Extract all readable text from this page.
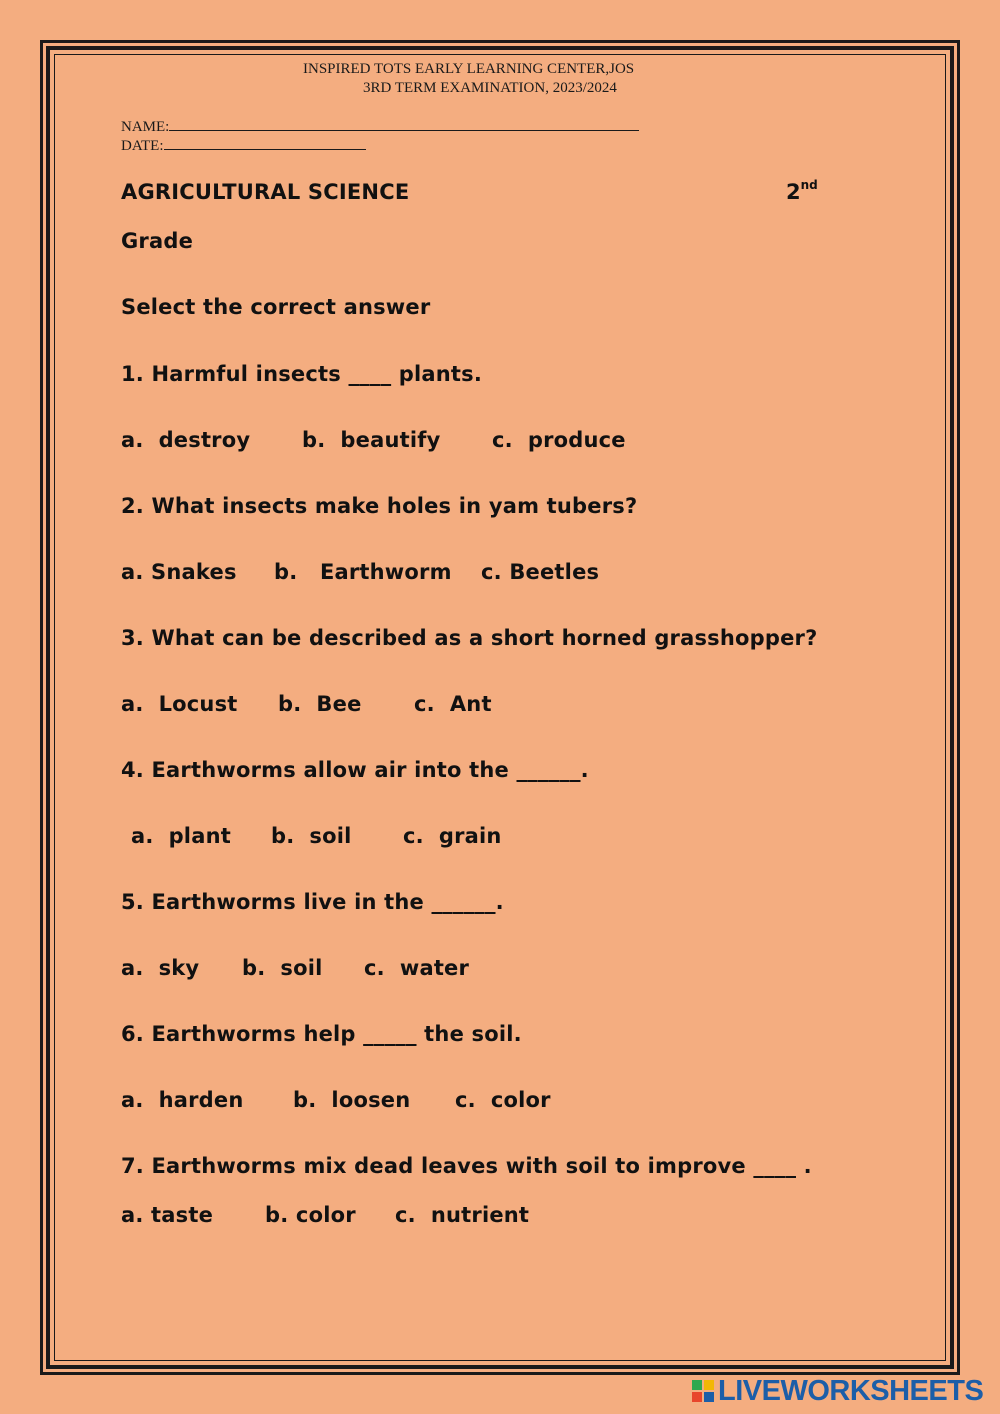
INSPIRED TOTS EARLY LEARNING CENTER,JOS
3RD TERM EXAMINATION, 2023/2024
NAME:
DATE:
AGRICULTURAL SCIENCE	2nd
Grade
Select the correct answer
1. Harmful insects ____ plants.
a.  destroy b.  beautify c.  produce
2. What insects make holes in yam tubers?
a. Snakes b.   Earthworm c. Beetles
3. What can be described as a short horned grasshopper?
a.  Locust b.  Bee c.  Ant
4. Earthworms allow air into the ______.
a.  plant b.  soil c.  grain
5. Earthworms live in the ______.
a.  sky b.  soil c.  water
6. Earthworms help _____ the soil.
a.  harden b.  loosen c.  color
7. Earthworms mix dead leaves with soil to improve ____ .
a. taste b. color c.  nutrient
LIVEWORKSHEETS
